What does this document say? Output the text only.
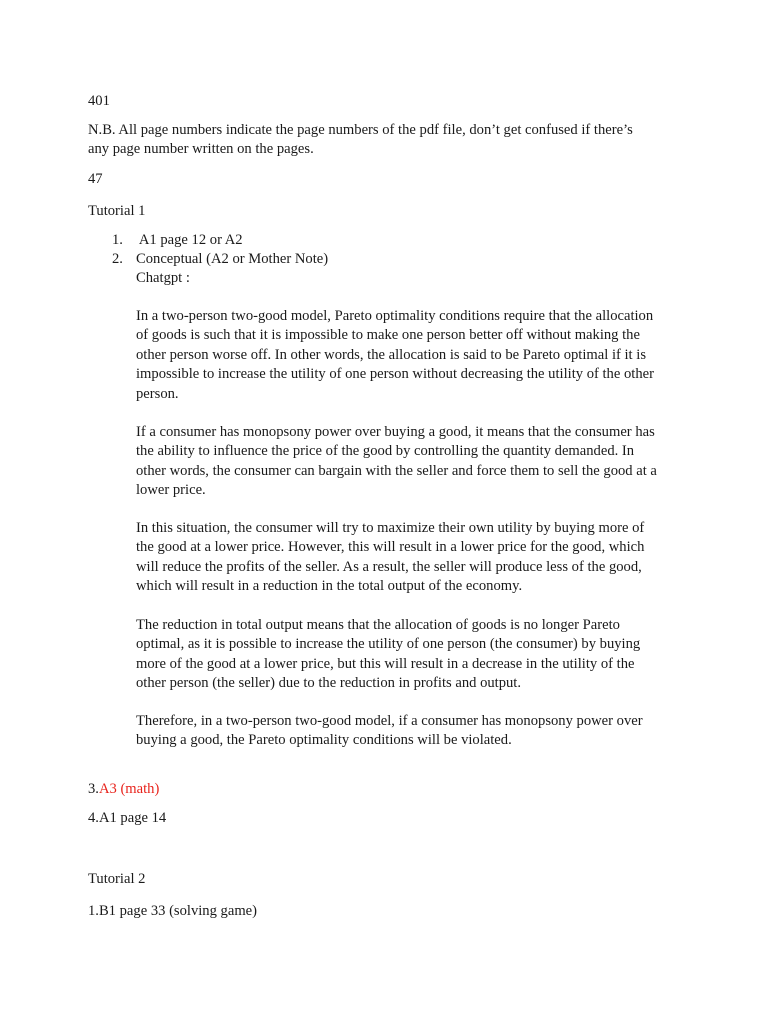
401

N.B. All page numbers indicate the page numbers of the pdf file, don’t get confused if there’s
any page number written on the pages.

47

Tutorial 1

1. A1 page 12 or A2
2. Conceptual (A2 or Mother Note)

Chatgpt :

In a two-person two-good model, Pareto optimality conditions require that the allocation
of goods is such that it is impossible to make one person better off without making the
other person worse off. In other words, the allocation is said to be Pareto optimal if it is
impossible to increase the utility of one person without decreasing the utility of the other
person.

If a consumer has monopsony power over buying a good, it means that the consumer has
the ability to influence the price of the good by controlling the quantity demanded. In
other words, the consumer can bargain with the seller and force them to sell the good at a
lower price.

In this situation, the consumer will try to maximize their own utility by buying more of
the good at a lower price. However, this will result in a lower price for the good, which
will reduce the profits of the seller. As a result, the seller will produce less of the good,
which will result in a reduction in the total output of the economy.

The reduction in total output means that the allocation of goods is no longer Pareto
optimal, as it is possible to increase the utility of one person (the consumer) by buying
more of the good at a lower price, but this will result in a decrease in the utility of the
other person (the seller) due to the reduction in profits and output.

Therefore, in a two-person two-good model, if a consumer has monopsony power over
buying a good, the Pareto optimality conditions will be violated.

3.A3 (math)

4.A1 page 14

Tutorial 2

1.B1 page 33 (solving game)
